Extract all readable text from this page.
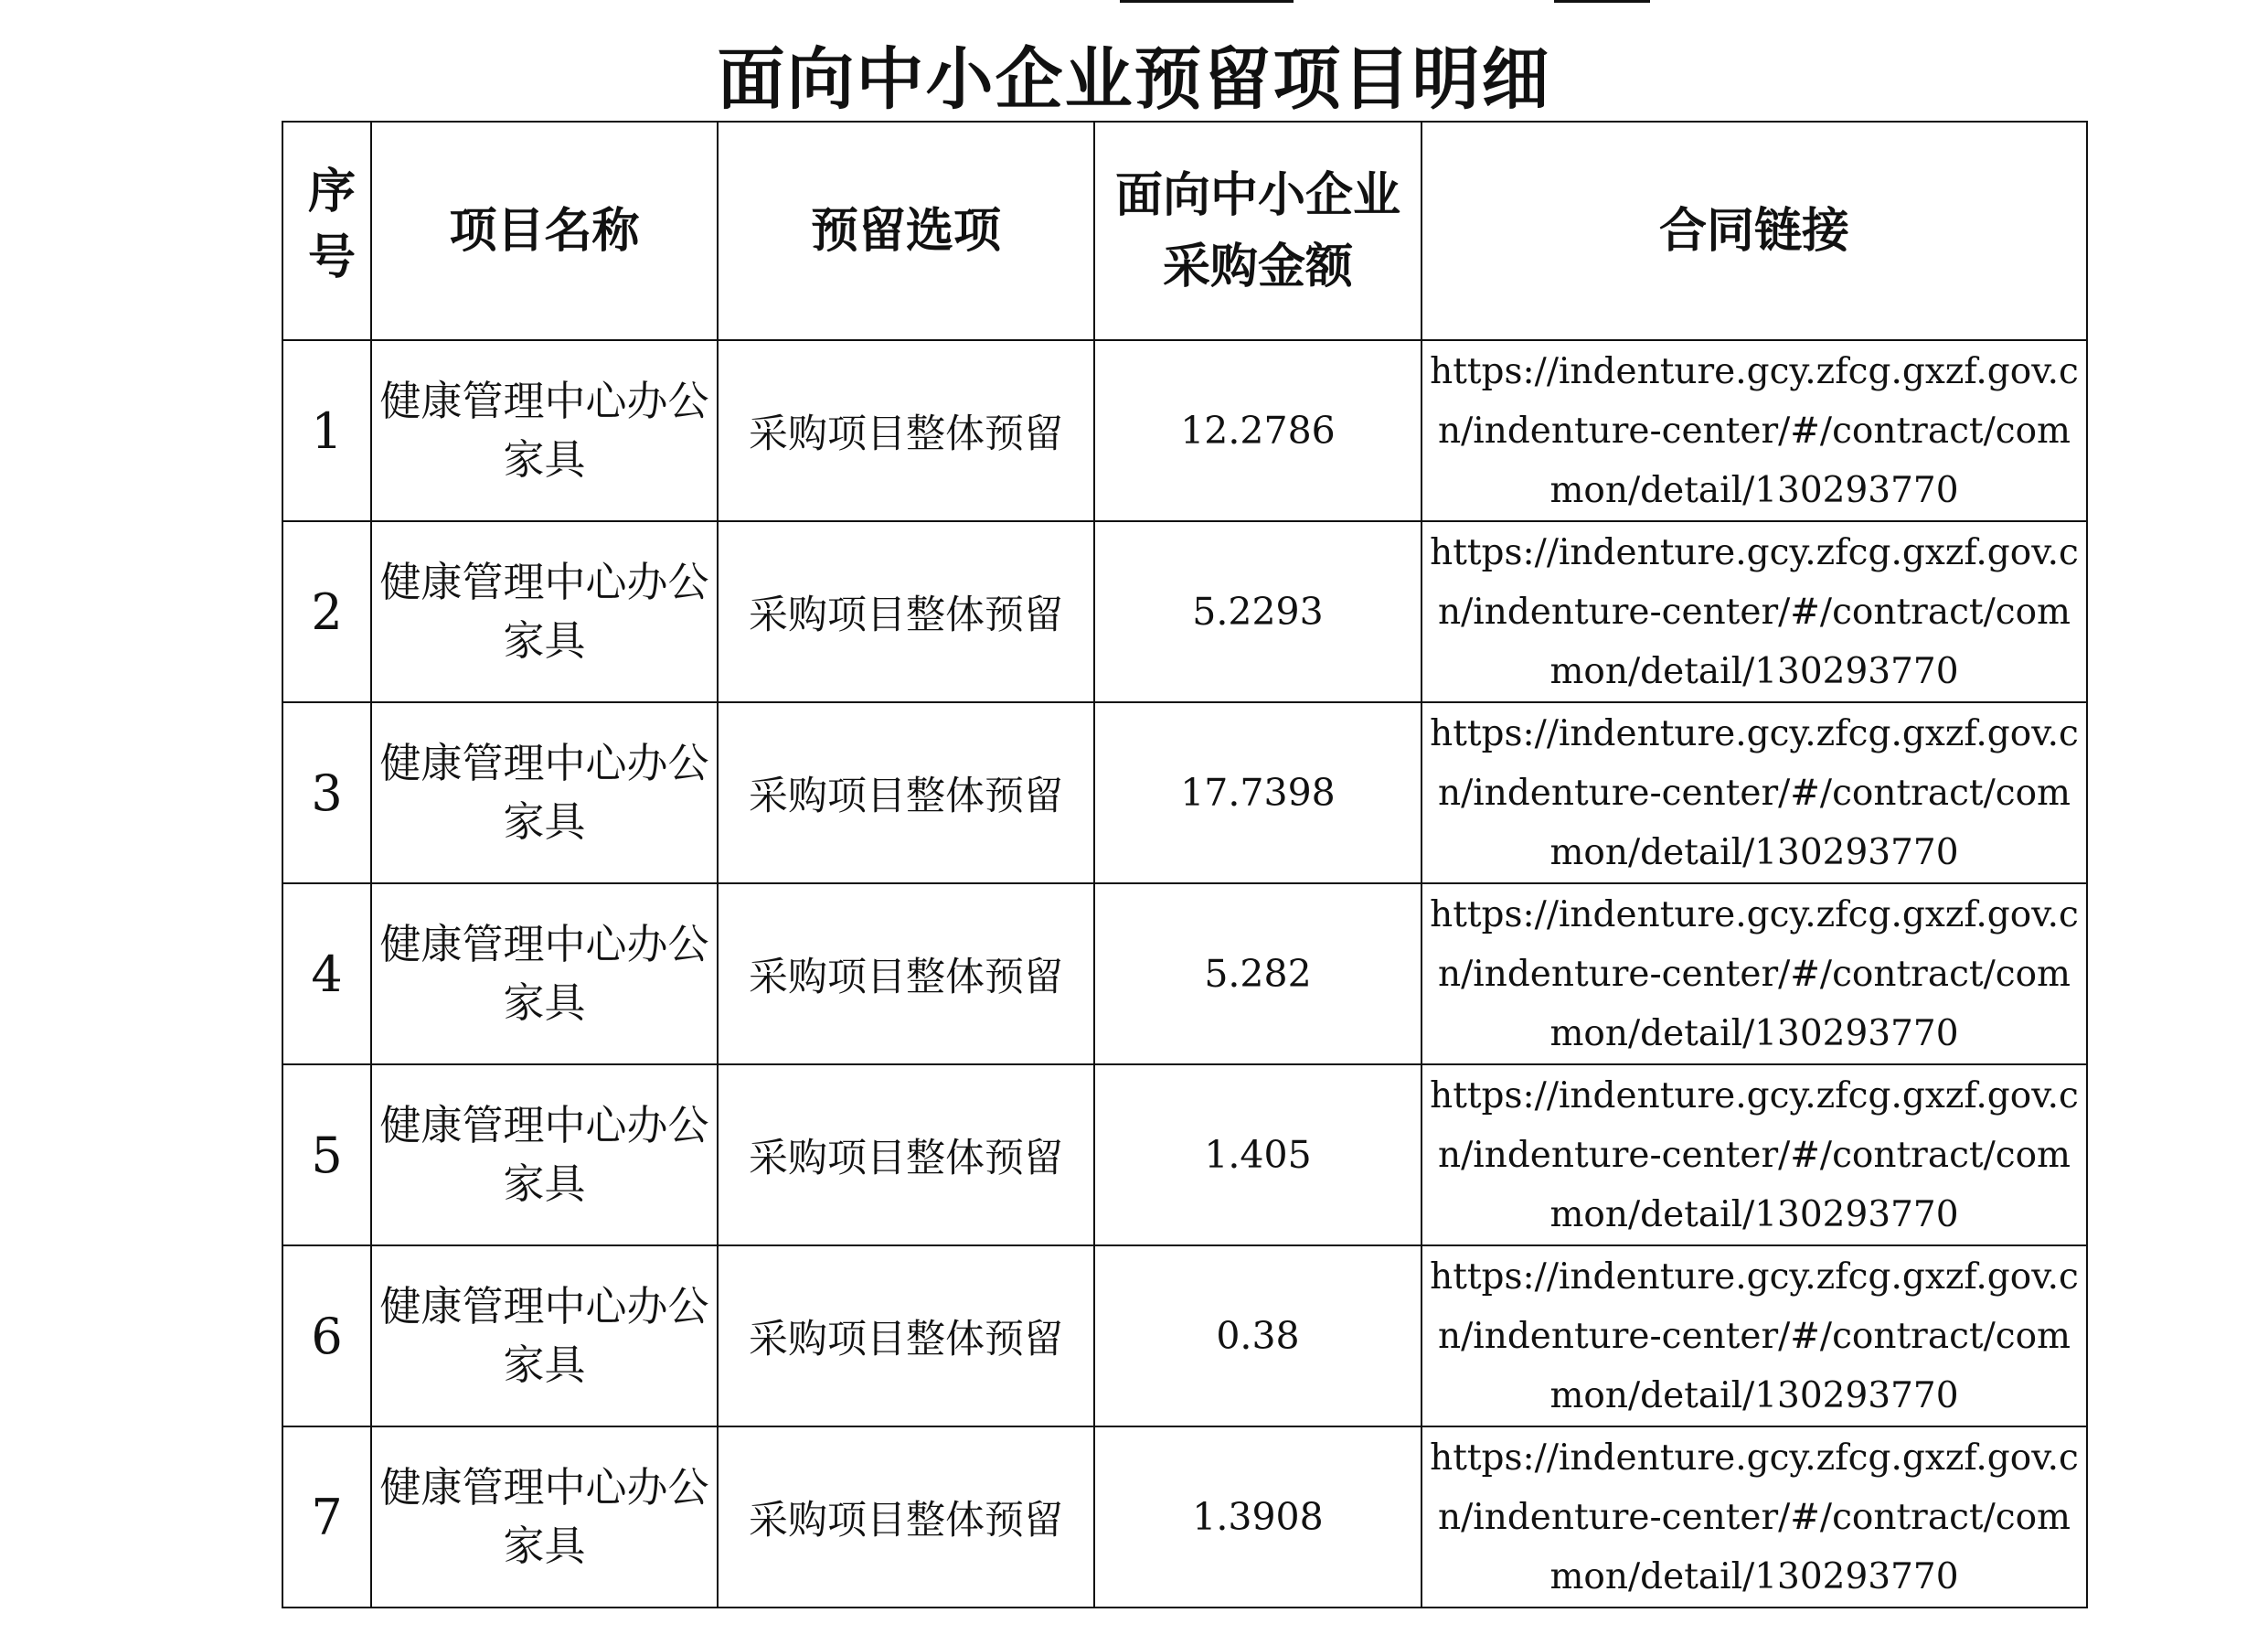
面向中小企业预留项目明细
序号	项目名称	预留选项	面向中小企业采购金额	合同链接
1	健康管理中心办公家具	采购项目整体预留	12.2786	https://indenture.gcy.zfcg.gxzf.gov.cn/indenture-center/#/contract/common/detail/130293770
2	健康管理中心办公家具	采购项目整体预留	5.2293	https://indenture.gcy.zfcg.gxzf.gov.cn/indenture-center/#/contract/common/detail/130293770
3	健康管理中心办公家具	采购项目整体预留	17.7398	https://indenture.gcy.zfcg.gxzf.gov.cn/indenture-center/#/contract/common/detail/130293770
4	健康管理中心办公家具	采购项目整体预留	5.282	https://indenture.gcy.zfcg.gxzf.gov.cn/indenture-center/#/contract/common/detail/130293770
5	健康管理中心办公家具	采购项目整体预留	1.405	https://indenture.gcy.zfcg.gxzf.gov.cn/indenture-center/#/contract/common/detail/130293770
6	健康管理中心办公家具	采购项目整体预留	0.38	https://indenture.gcy.zfcg.gxzf.gov.cn/indenture-center/#/contract/common/detail/130293770
7	健康管理中心办公家具	采购项目整体预留	1.3908	https://indenture.gcy.zfcg.gxzf.gov.cn/indenture-center/#/contract/common/detail/130293770
